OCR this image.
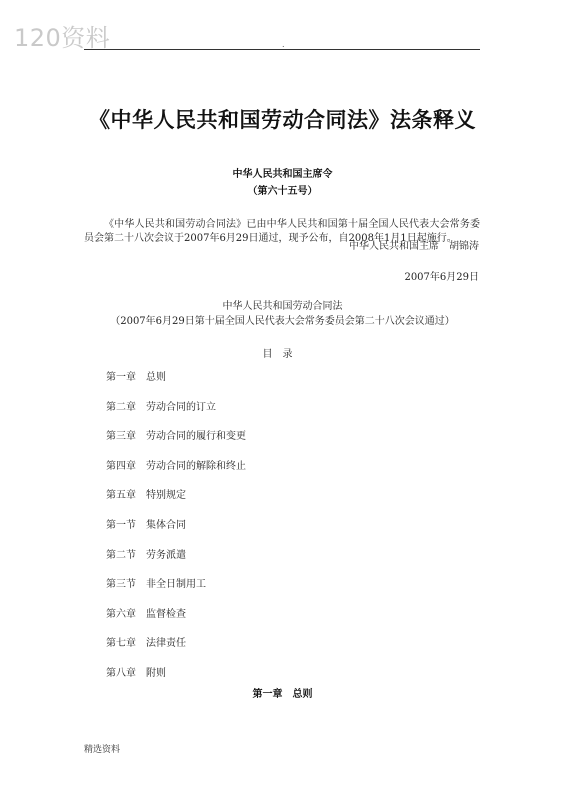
120资料	.
《中华人民共和国劳动合同法》法条释义
中华人民共和国主席令
（第六十五号）

《中华人民共和国劳动合同法》已由中华人民共和国第十届全国人民代表大会常务委员会第二十八次会议于2007年6月29日通过，现予公布，自2008年1月1日起施行。

中华人民共和国主席　胡锦涛
2007年6月29日
中华人民共和国劳动合同法
（2007年6月29日第十届全国人民代表大会常务委员会第二十八次会议通过）
目录
第一章 总则
第二章 劳动合同的订立
第三章 劳动合同的履行和变更
第四章 劳动合同的解除和终止
第五章 特别规定
第一节 集体合同
第二节 劳务派遣
第三节 非全日制用工
第六章 监督检查
第七章 法律责任
第八章 附则
第一章　总则
精选资料
